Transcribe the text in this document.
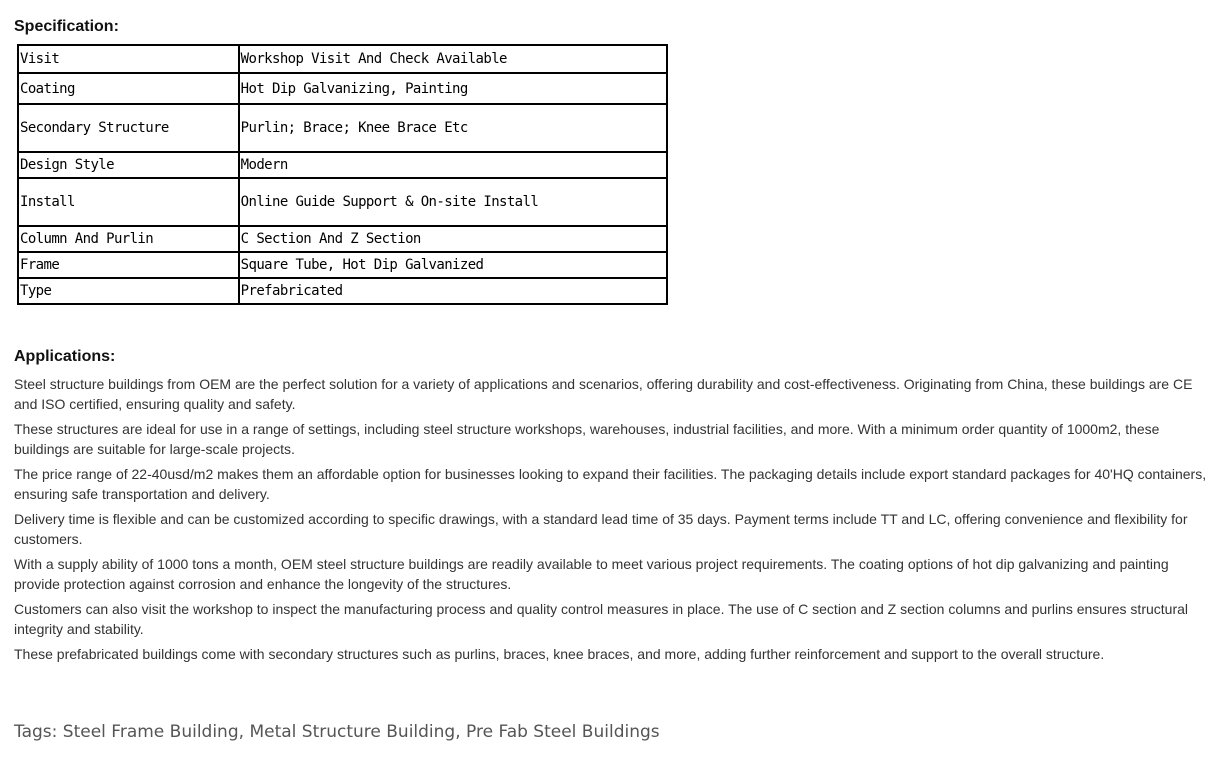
Specification:
Visit	Workshop Visit And Check Available
Coating	Hot Dip Galvanizing, Painting
Secondary Structure	Purlin; Brace; Knee Brace Etc
Design Style	Modern
Install	Online Guide Support & On-site Install
Column And Purlin	C Section And Z Section
Frame	Square Tube, Hot Dip Galvanized
Type	Prefabricated
Applications:

Steel structure buildings from OEM are the perfect solution for a variety of applications and scenarios, offering durability and cost-effectiveness. Originating from China, these buildings are CE and ISO certified, ensuring quality and safety.

These structures are ideal for use in a range of settings, including steel structure workshops, warehouses, industrial facilities, and more. With a minimum order quantity of 1000m2, these buildings are suitable for large-scale projects.

The price range of 22-40usd/m2 makes them an affordable option for businesses looking to expand their facilities. The packaging details include export standard packages for 40'HQ containers, ensuring safe transportation and delivery.

Delivery time is flexible and can be customized according to specific drawings, with a standard lead time of 35 days. Payment terms include TT and LC, offering convenience and flexibility for customers.

With a supply ability of 1000 tons a month, OEM steel structure buildings are readily available to meet various project requirements. The coating options of hot dip galvanizing and painting provide protection against corrosion and enhance the longevity of the structures.

Customers can also visit the workshop to inspect the manufacturing process and quality control measures in place. The use of C section and Z section columns and purlins ensures structural integrity and stability.

These prefabricated buildings come with secondary structures such as purlins, braces, knee braces, and more, adding further reinforcement and support to the overall structure.

Tags: Steel Frame Building, Metal Structure Building, Pre Fab Steel Buildings
